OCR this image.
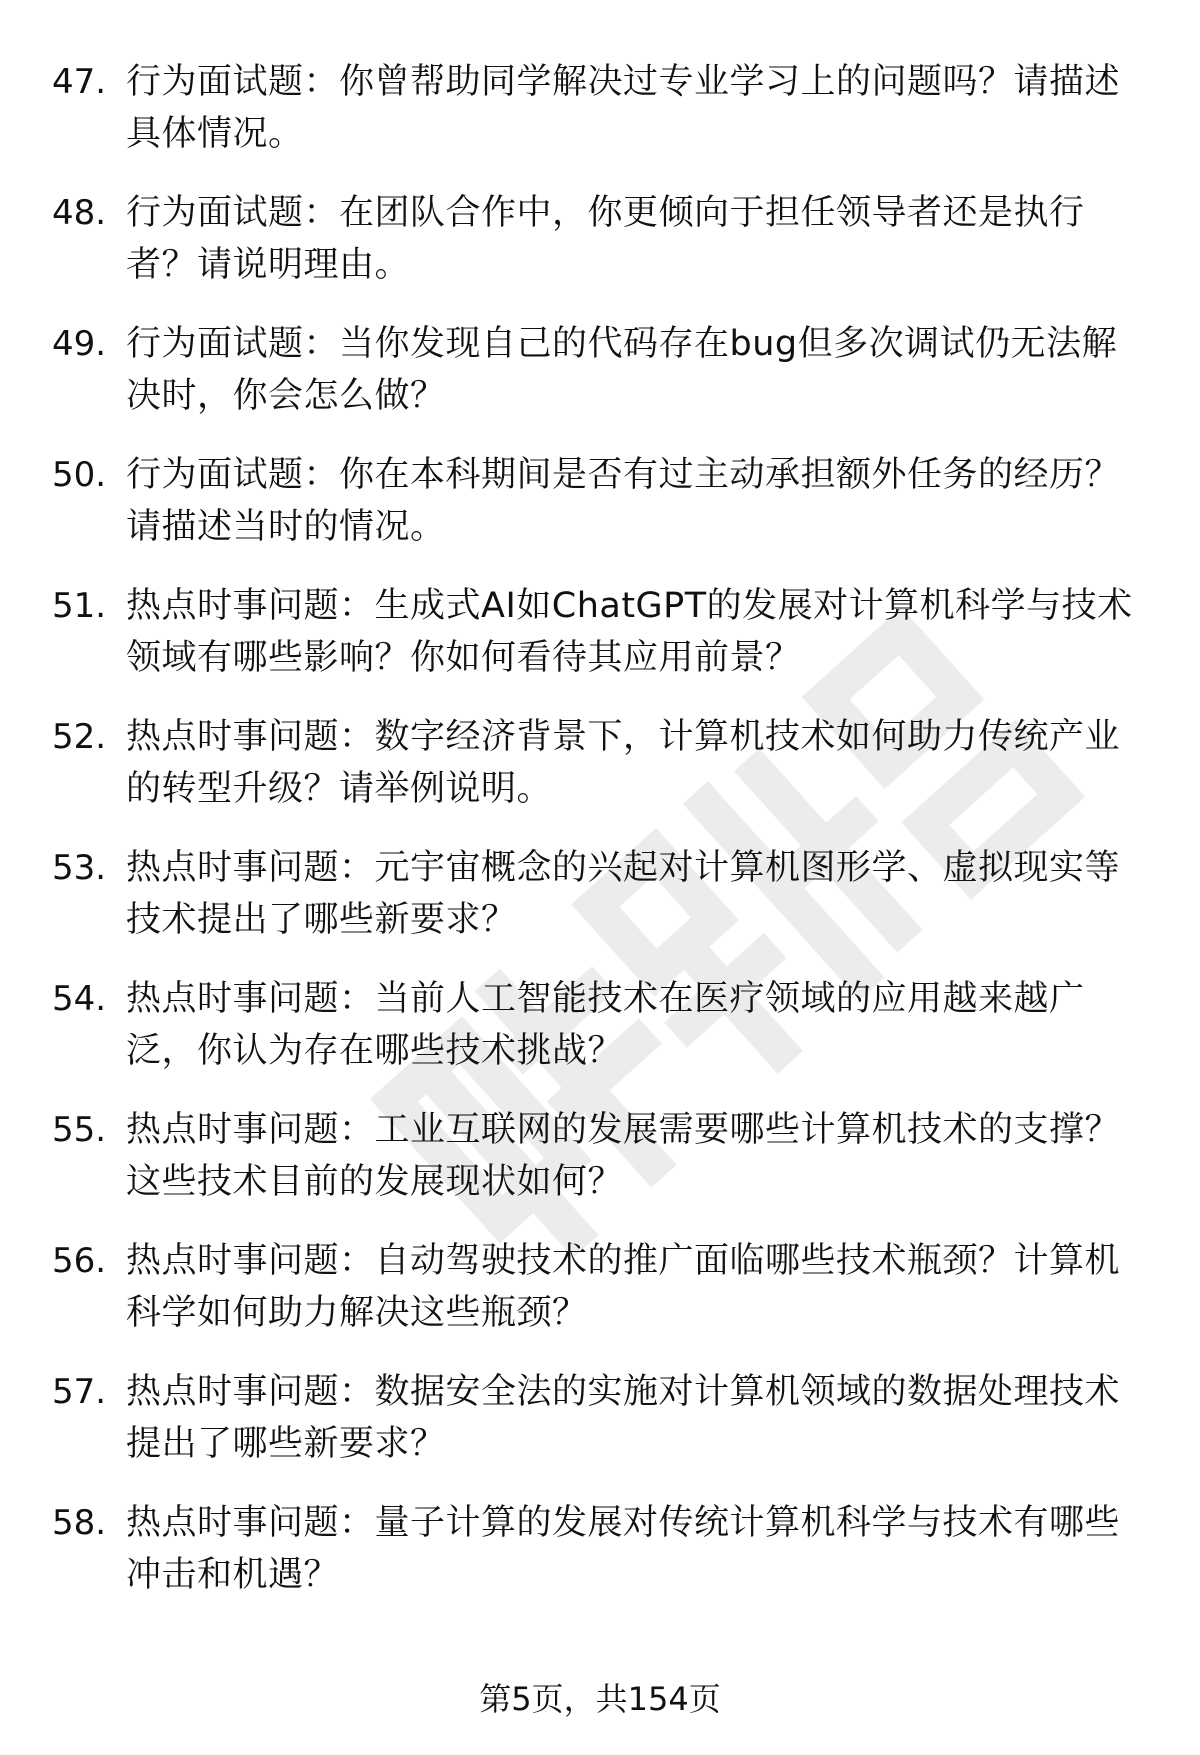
47. 行为面试题：你曾帮助同学解决过专业学习上的问题吗？请描述
具体情况。
48. 行为面试题：在团队合作中，你更倾向于担任领导者还是执行
者？请说明理由。
49. 行为面试题：当你发现自己的代码存在bug但多次调试仍无法解
决时，你会怎么做？
50. 行为面试题：你在本科期间是否有过主动承担额外任务的经历？
请描述当时的情况。
51. 热点时事问题：生成式AI如ChatGPT的发展对计算机科学与技术
领域有哪些影响？你如何看待其应用前景？
52. 热点时事问题：数字经济背景下，计算机技术如何助力传统产业
的转型升级？请举例说明。
53. 热点时事问题：元宇宙概念的兴起对计算机图形学、虚拟现实等
技术提出了哪些新要求？
54. 热点时事问题：当前人工智能技术在医疗领域的应用越来越广
泛，你认为存在哪些技术挑战？
55. 热点时事问题：工业互联网的发展需要哪些计算机技术的支撑？
这些技术目前的发展现状如何？
56. 热点时事问题：自动驾驶技术的推广面临哪些技术瓶颈？计算机
科学如何助力解决这些瓶颈？
57. 热点时事问题：数据安全法的实施对计算机领域的数据处理技术
提出了哪些新要求？
58. 热点时事问题：量子计算的发展对传统计算机科学与技术有哪些
冲击和机遇？
第5页，共154页
